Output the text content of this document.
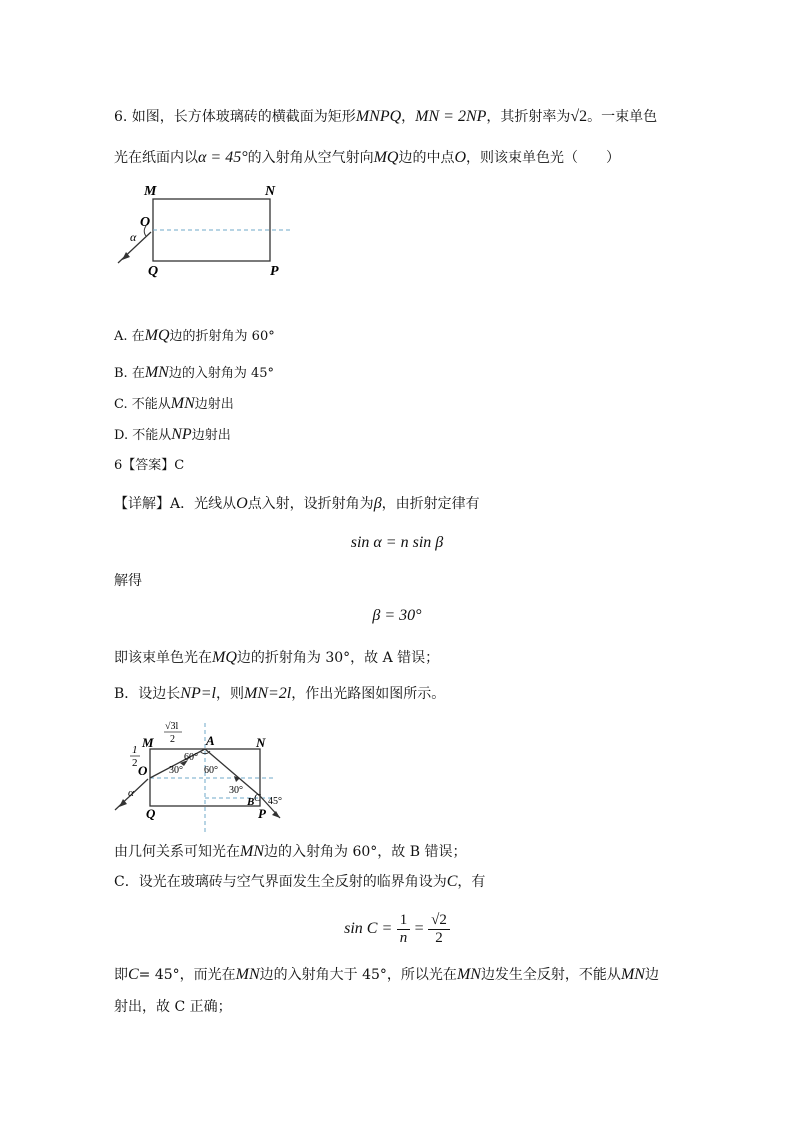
6. 如图，长方体玻璃砖的横截面为矩形MNPQ，MN = 2NP，其折射率为√2。一束单色
光在纸面内以α = 45°的入射角从空气射向MQ边的中点O，则该束单色光（　　）
M	N
O
α
Q	P
A. 在MQ边的折射角为 60°
B. 在MN边的入射角为 45°
C. 不能从MN边射出
D. 不能从NP边射出
6【答案】C
【详解】A．光线从O点入射，设折射角为β，由折射定律有
sin α = n sin β
解得
β = 30°
即该束单色光在MQ边的折射角为 30°，故 A 错误；
B．设边长NP=l，则MN=2l，作出光路图如图所示。
M	N
A
O
α
Q	P
B C
30°
60°
60°
30°
45°
1
2
√3l
2
由几何关系可知光在MN边的入射角为 60°，故 B 错误；
C．设光在玻璃砖与空气界面发生全反射的临界角设为C，有
$\sin C = \frac{1}{n} = \frac{√2}{2}$
即C= 45°，而光在MN边的入射角大于 45°，所以光在MN边发生全反射，不能从MN边
射出，故 C 正确；
